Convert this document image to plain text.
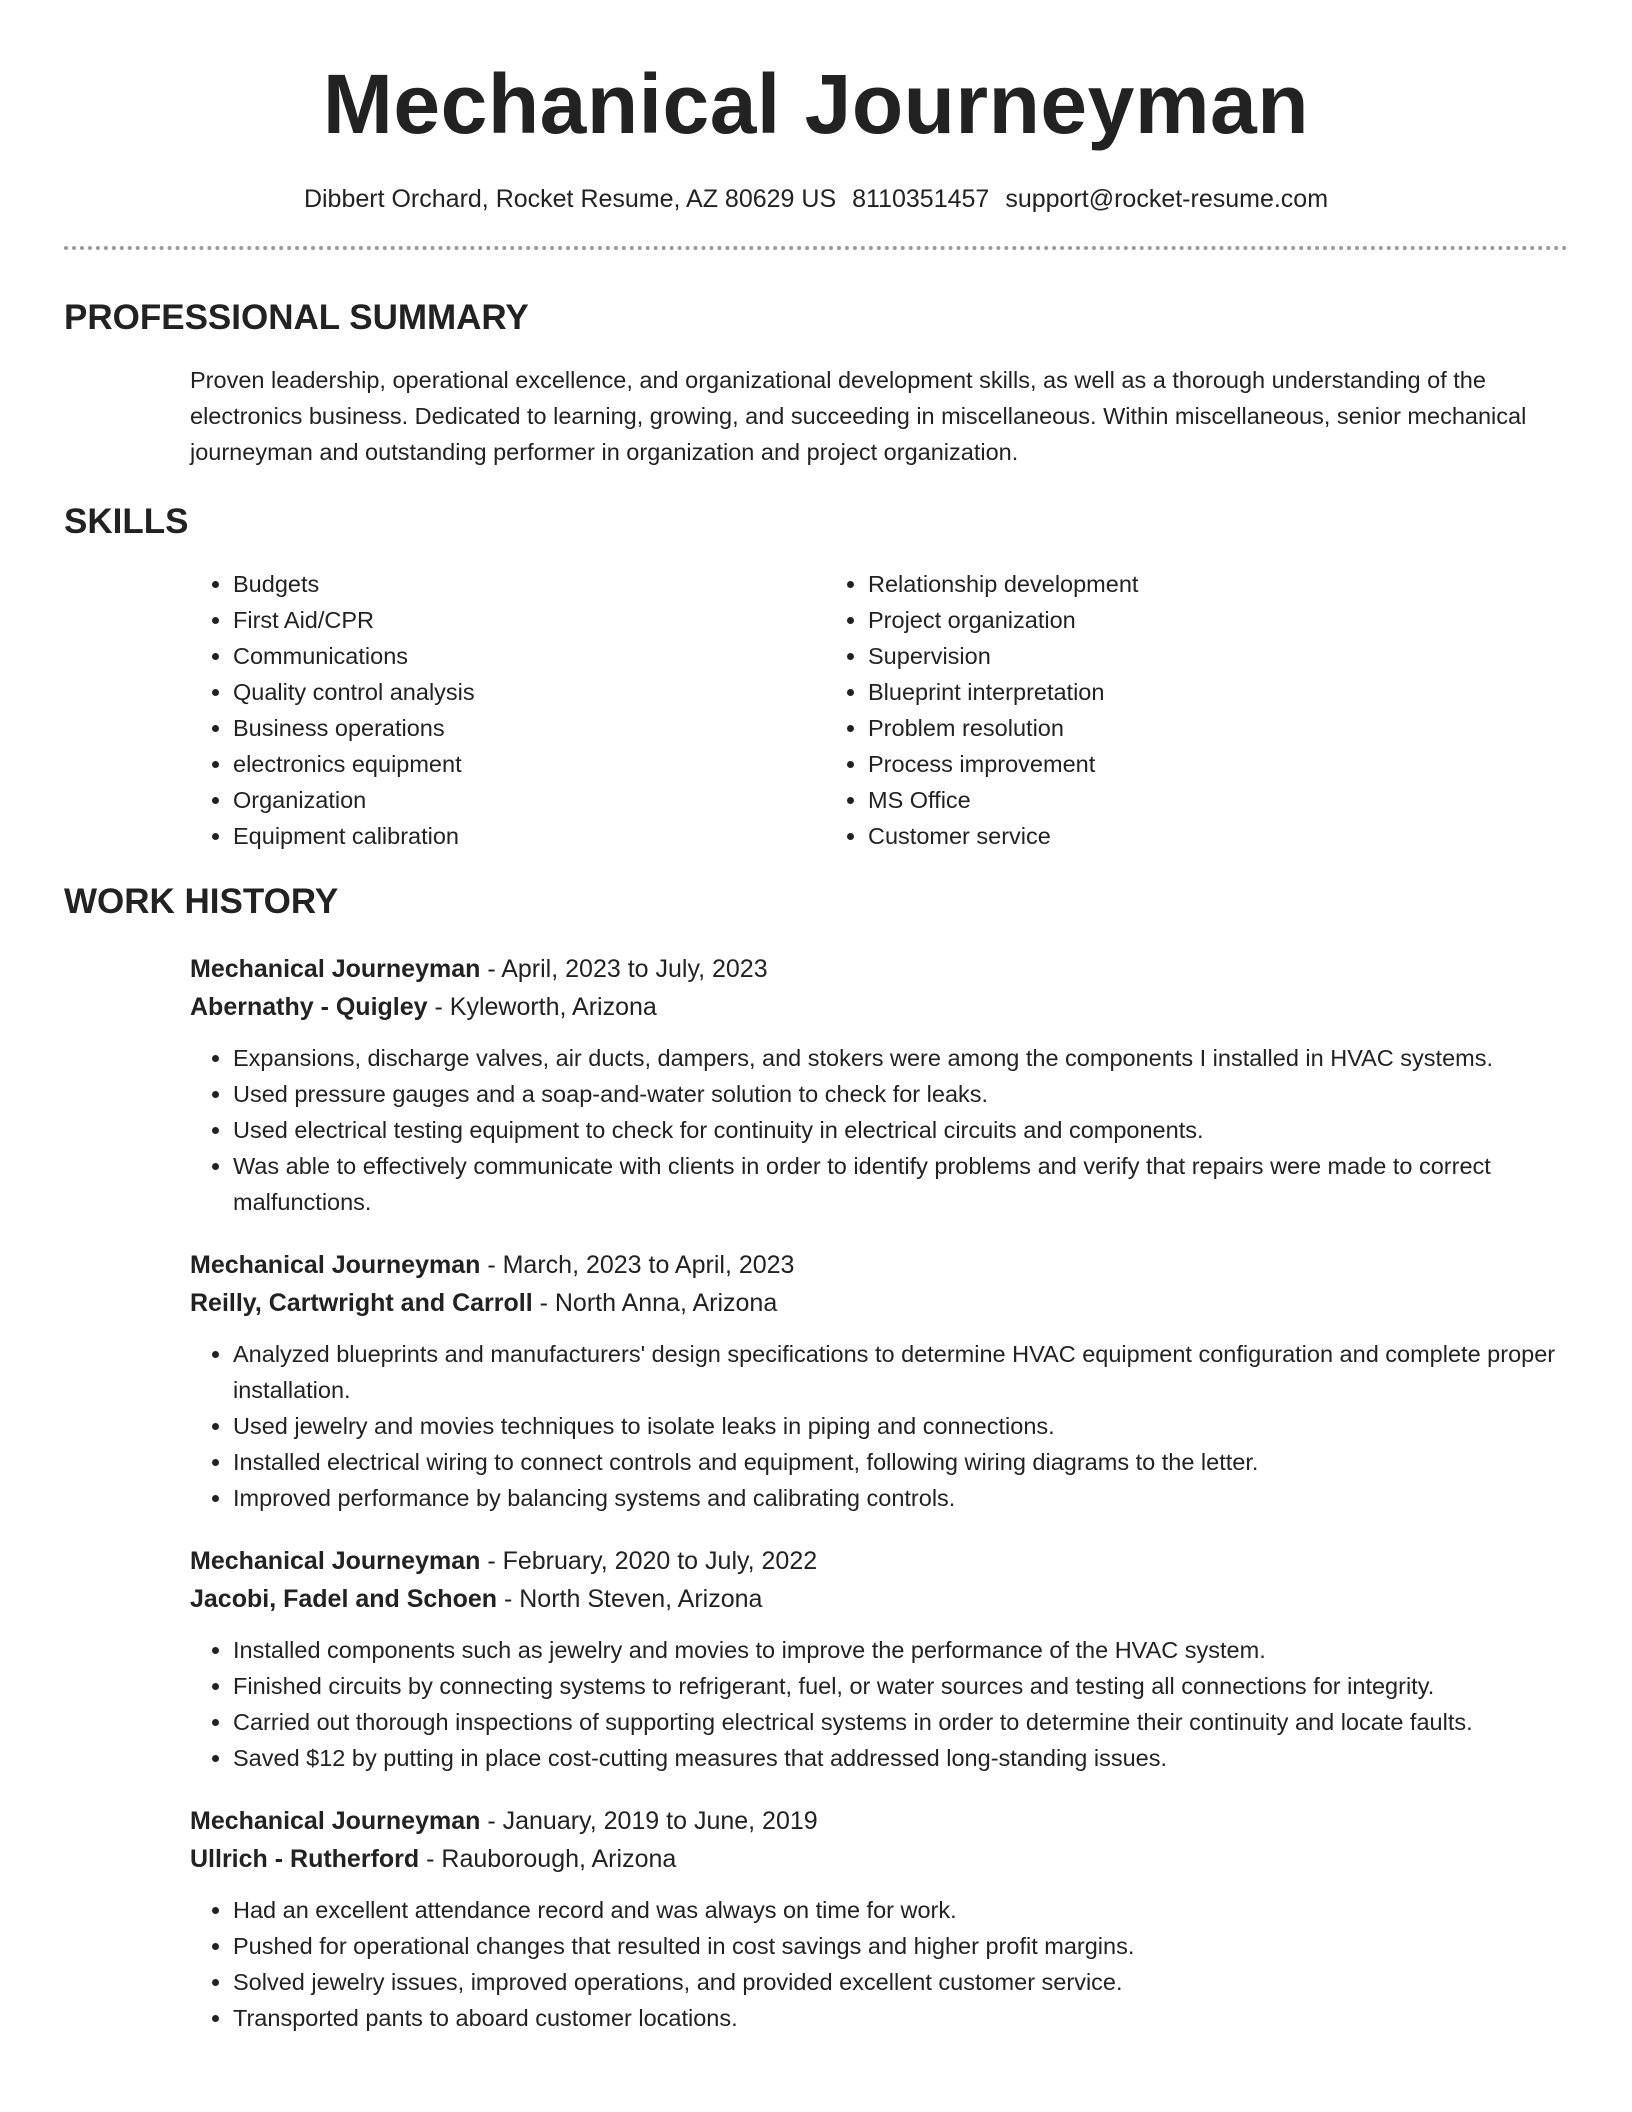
Mechanical Journeyman
Dibbert Orchard, Rocket Resume, AZ 80629 US 8110351457 support@rocket-resume.com
PROFESSIONAL SUMMARY

Proven leadership, operational excellence, and organizational development skills, as well as a thorough understanding of the electronics business. Dedicated to learning, growing, and succeeding in miscellaneous. Within miscellaneous, senior mechanical journeyman and outstanding performer in organization and project organization.

SKILLS
• Budgets
• First Aid/CPR
• Communications
• Quality control analysis
• Business operations
• electronics equipment
• Organization
• Equipment calibration
• Relationship development
• Project organization
• Supervision
• Blueprint interpretation
• Problem resolution
• Process improvement
• MS Office
• Customer service
WORK HISTORY
Mechanical Journeyman - April, 2023 to July, 2023
Abernathy - Quigley - Kyleworth, Arizona
• Expansions, discharge valves, air ducts, dampers, and stokers were among the components I installed in HVAC systems.
• Used pressure gauges and a soap-and-water solution to check for leaks.
• Used electrical testing equipment to check for continuity in electrical circuits and components.
• Was able to effectively communicate with clients in order to identify problems and verify that repairs were made to correct malfunctions.
Mechanical Journeyman - March, 2023 to April, 2023
Reilly, Cartwright and Carroll - North Anna, Arizona
• Analyzed blueprints and manufacturers' design specifications to determine HVAC equipment configuration and complete proper installation.
• Used jewelry and movies techniques to isolate leaks in piping and connections.
• Installed electrical wiring to connect controls and equipment, following wiring diagrams to the letter.
• Improved performance by balancing systems and calibrating controls.
Mechanical Journeyman - February, 2020 to July, 2022
Jacobi, Fadel and Schoen - North Steven, Arizona
• Installed components such as jewelry and movies to improve the performance of the HVAC system.
• Finished circuits by connecting systems to refrigerant, fuel, or water sources and testing all connections for integrity.
• Carried out thorough inspections of supporting electrical systems in order to determine their continuity and locate faults.
• Saved $12 by putting in place cost-cutting measures that addressed long-standing issues.
Mechanical Journeyman - January, 2019 to June, 2019
Ullrich - Rutherford - Rauborough, Arizona
• Had an excellent attendance record and was always on time for work.
• Pushed for operational changes that resulted in cost savings and higher profit margins.
• Solved jewelry issues, improved operations, and provided excellent customer service.
• Transported pants to aboard customer locations.
